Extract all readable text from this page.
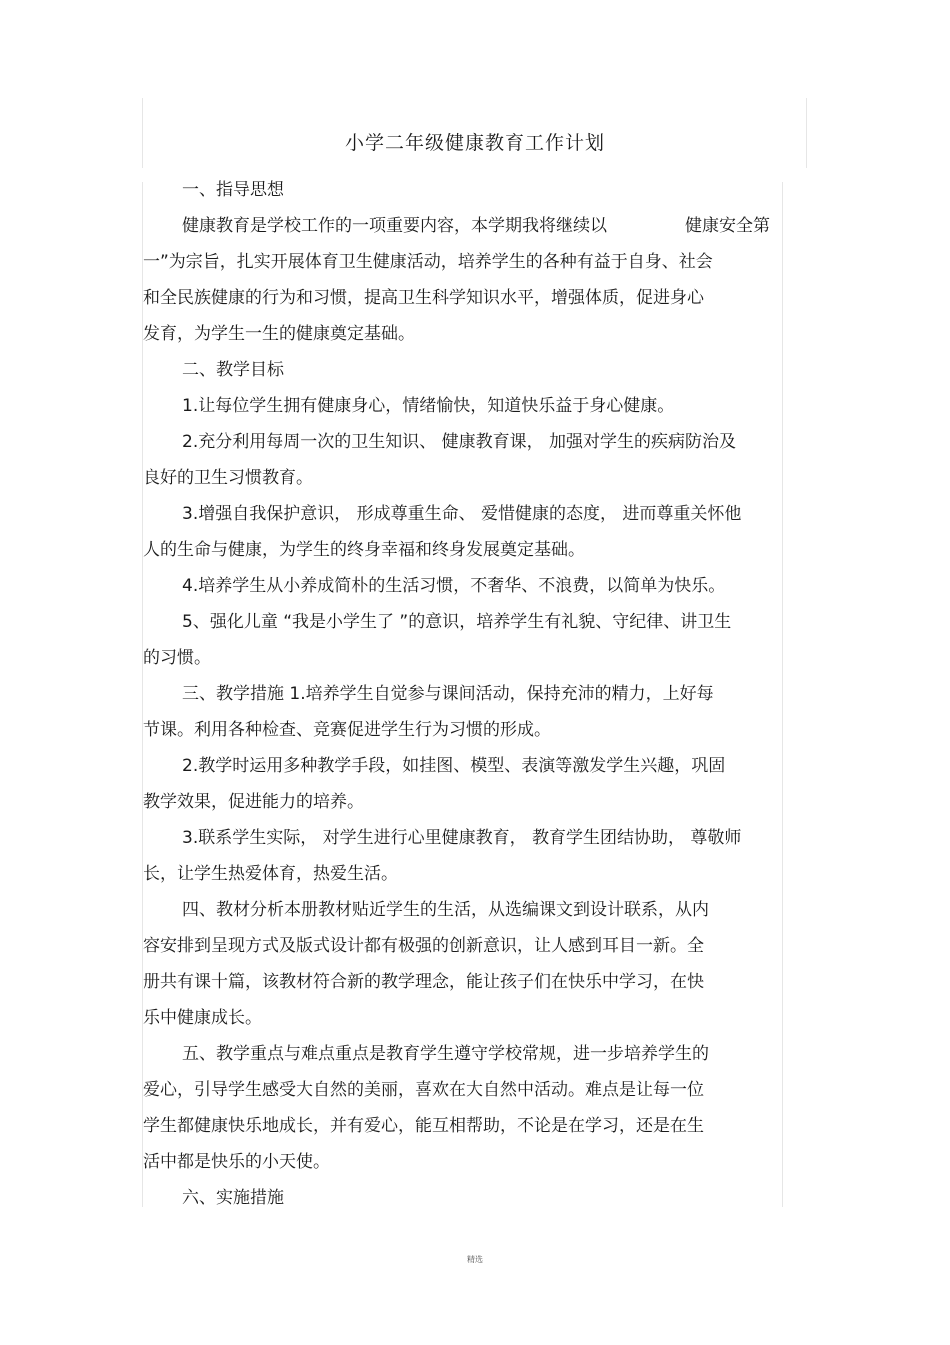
小学二年级健康教育工作计划
一、指导思想
健康教育是学校工作的一项重要内容，本学期我将继续以	健康安全第
一”为宗旨，扎实开展体育卫生健康活动，培养学生的各种有益于自身、社会
和全民族健康的行为和习惯，提高卫生科学知识水平，增强体质，促进身心
发育，为学生一生的健康奠定基础。
二、教学目标
1.让每位学生拥有健康身心，情绪愉快，知道快乐益于身心健康。
2.充分利用每周一次的卫生知识、 健康教育课， 加强对学生的疾病防治及
良好的卫生习惯教育。
3.增强自我保护意识， 形成尊重生命、 爱惜健康的态度， 进而尊重关怀他
人的生命与健康，为学生的终身幸福和终身发展奠定基础。
4.培养学生从小养成简朴的生活习惯，不奢华、不浪费，以简单为快乐。
5、强化儿童 “我是小学生了 ”的意识，培养学生有礼貌、守纪律、讲卫生
的习惯。
三、教学措施 1.培养学生自觉参与课间活动，保持充沛的精力，上好每
节课。利用各种检查、竞赛促进学生行为习惯的形成。
2.教学时运用多种教学手段，如挂图、模型、表演等激发学生兴趣，巩固
教学效果，促进能力的培养。
3.联系学生实际， 对学生进行心里健康教育， 教育学生团结协助， 尊敬师
长，让学生热爱体育，热爱生活。
四、教材分析本册教材贴近学生的生活，从选编课文到设计联系，从内
容安排到呈现方式及版式设计都有极强的创新意识，让人感到耳目一新。全
册共有课十篇，该教材符合新的教学理念，能让孩子们在快乐中学习，在快
乐中健康成长。
五、教学重点与难点重点是教育学生遵守学校常规，进一步培养学生的
爱心，引导学生感受大自然的美丽，喜欢在大自然中活动。难点是让每一位
学生都健康快乐地成长，并有爱心，能互相帮助，不论是在学习，还是在生
活中都是快乐的小天使。
六、实施措施
精选
